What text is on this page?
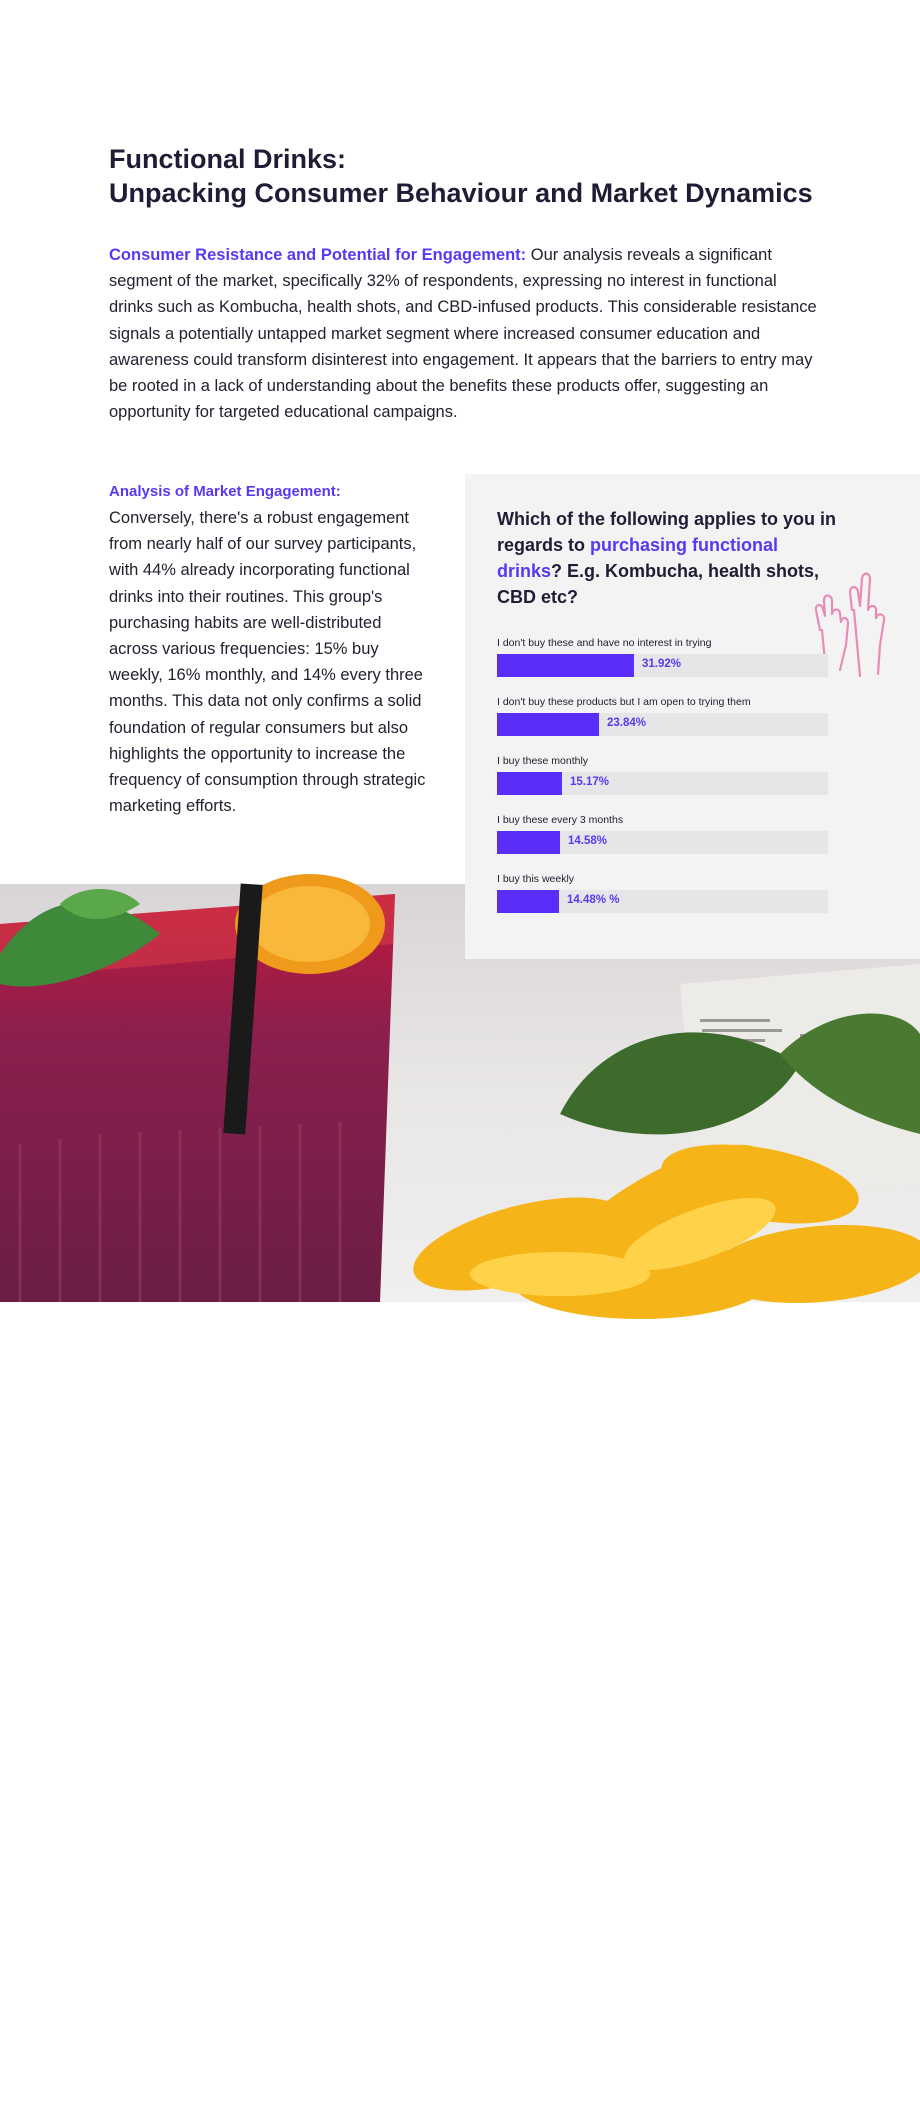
Functional Drinks:
Unpacking Consumer Behaviour and Market Dynamics

Consumer Resistance and Potential for Engagement: Our analysis reveals a significant segment of the market, specifically 32% of respondents, expressing no interest in functional drinks such as Kombucha, health shots, and CBD-infused products. This considerable resistance signals a potentially untapped market segment where increased consumer education and awareness could transform disinterest into engagement. It appears that the barriers to entry may be rooted in a lack of understanding about the benefits these products offer, suggesting an opportunity for targeted educational campaigns.

Analysis of Market Engagement:

Conversely, there's a robust engagement from nearly half of our survey participants, with 44% already incorporating functional drinks into their routines. This group's purchasing habits are well-distributed across various frequencies: 15% buy weekly, 16% monthly, and 14% every three months. This data not only confirms a solid foundation of regular consumers but also highlights the opportunity to increase the frequency of consumption through strategic marketing efforts.

10

Which of the following applies to you in regards to purchasing functional drinks? E.g. Kombucha, health shots, CBD etc?

I don't buy these and have no interest in trying

31.92%

I don't buy these products but I am open to trying them

23.84%

I buy these monthly

15.17%

I buy these every 3 months

14.58%

I buy this weekly

14.48% %
